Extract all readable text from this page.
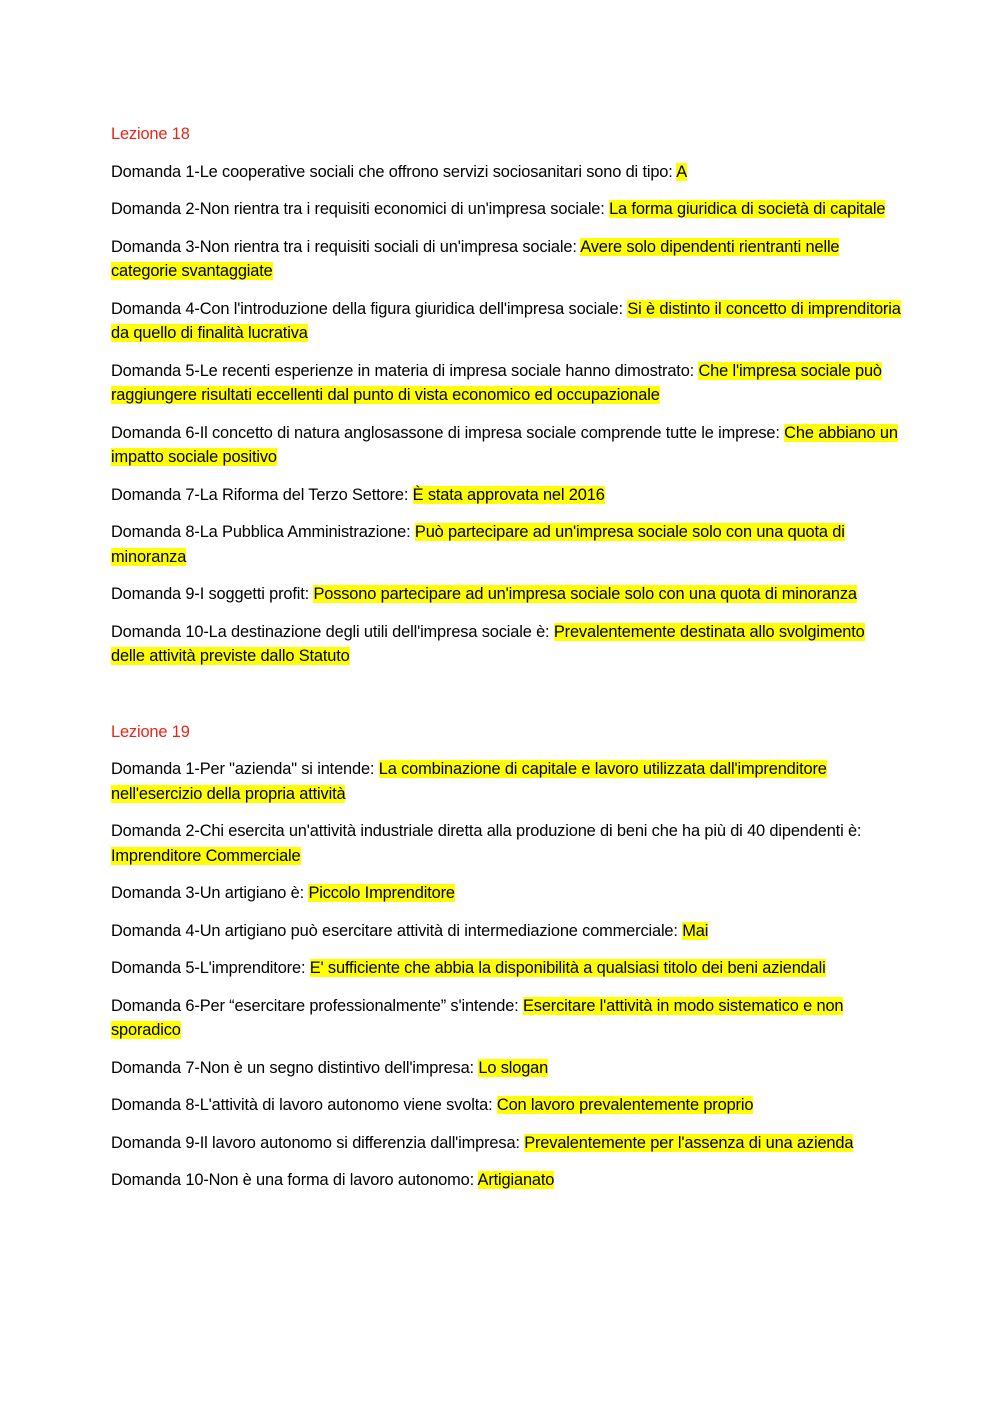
Lezione 18

Domanda 1-Le cooperative sociali che offrono servizi sociosanitari sono di tipo: A

Domanda 2-Non rientra tra i requisiti economici di un'impresa sociale: La forma giuridica di società di capitale

Domanda 3-Non rientra tra i requisiti sociali di un'impresa sociale: Avere solo dipendenti rientranti nelle categorie svantaggiate

Domanda 4-Con l'introduzione della figura giuridica dell'impresa sociale: Si è distinto il concetto di imprenditoria da quello di finalità lucrativa

Domanda 5-Le recenti esperienze in materia di impresa sociale hanno dimostrato: Che l'impresa sociale può raggiungere risultati eccellenti dal punto di vista economico ed occupazionale

Domanda 6-Il concetto di natura anglosassone di impresa sociale comprende tutte le imprese: Che abbiano un impatto sociale positivo

Domanda 7-La Riforma del Terzo Settore: È stata approvata nel 2016

Domanda 8-La Pubblica Amministrazione: Può partecipare ad un'impresa sociale solo con una quota di minoranza

Domanda 9-I soggetti profit: Possono partecipare ad un'impresa sociale solo con una quota di minoranza

Domanda 10-La destinazione degli utili dell'impresa sociale è: Prevalentemente destinata allo svolgimento delle attività previste dallo Statuto

Lezione 19

Domanda 1-Per "azienda" si intende: La combinazione di capitale e lavoro utilizzata dall'imprenditore nell'esercizio della propria attività

Domanda 2-Chi esercita un'attività industriale diretta alla produzione di beni che ha più di 40 dipendenti è: Imprenditore Commerciale

Domanda 3-Un artigiano è: Piccolo Imprenditore

Domanda 4-Un artigiano può esercitare attività di intermediazione commerciale: Mai

Domanda 5-L'imprenditore: E' sufficiente che abbia la disponibilità a qualsiasi titolo dei beni aziendali

Domanda 6-Per “esercitare professionalmente” s'intende: Esercitare l'attività in modo sistematico e non sporadico

Domanda 7-Non è un segno distintivo dell'impresa: Lo slogan

Domanda 8-L'attività di lavoro autonomo viene svolta: Con lavoro prevalentemente proprio

Domanda 9-Il lavoro autonomo si differenzia dall'impresa: Prevalentemente per l'assenza di una azienda

Domanda 10-Non è una forma di lavoro autonomo: Artigianato
